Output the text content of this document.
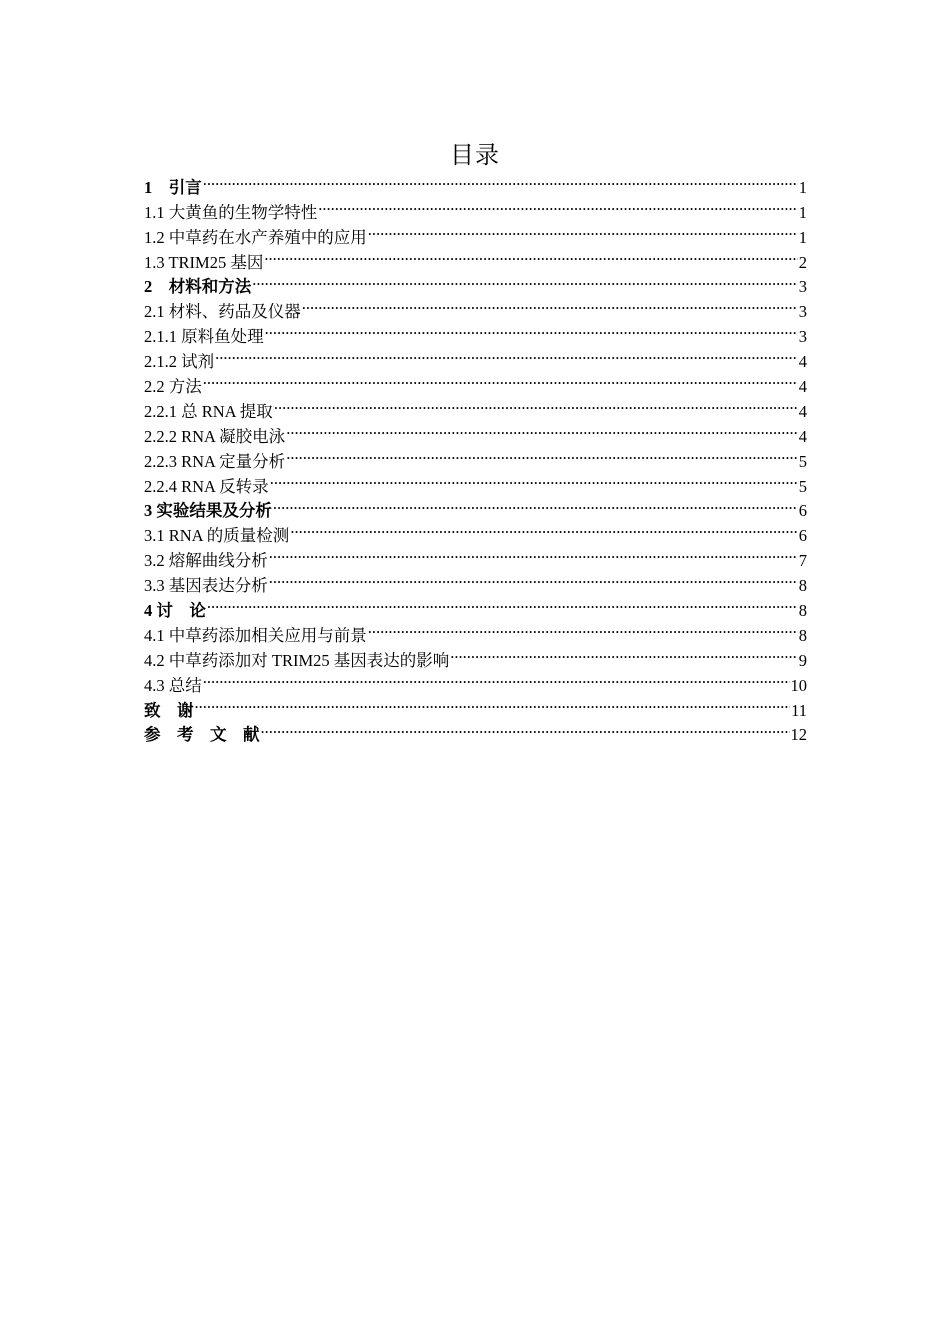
目录
1　引言 .....	1
1.1 大黄鱼的生物学特性 .....	1
1.2 中草药在水产养殖中的应用 .....	1
1.3 TRIM25 基因 .....	2
2　材料和方法 .....	3
2.1 材料、药品及仪器 .....	3
2.1.1 原料鱼处理 .....	3
2.1.2 试剂 .....	4
2.2 方法 .....	4
2.2.1 总 RNA 提取 .....	4
2.2.2 RNA 凝胶电泳 .....	4
2.2.3 RNA 定量分析 .....	5
2.2.4 RNA 反转录 .....	5
3 实验结果及分析 .....	6
3.1 RNA 的质量检测 .....	6
3.2 熔解曲线分析 .....	7
3.3 基因表达分析 .....	8
4 讨　论 .....	8
4.1 中草药添加相关应用与前景 .....	8
4.2 中草药添加对 TRIM25 基因表达的影响 .....	9
4.3 总结 .....	10
致　谢 .....	11
参　考　文　献 .....	12
